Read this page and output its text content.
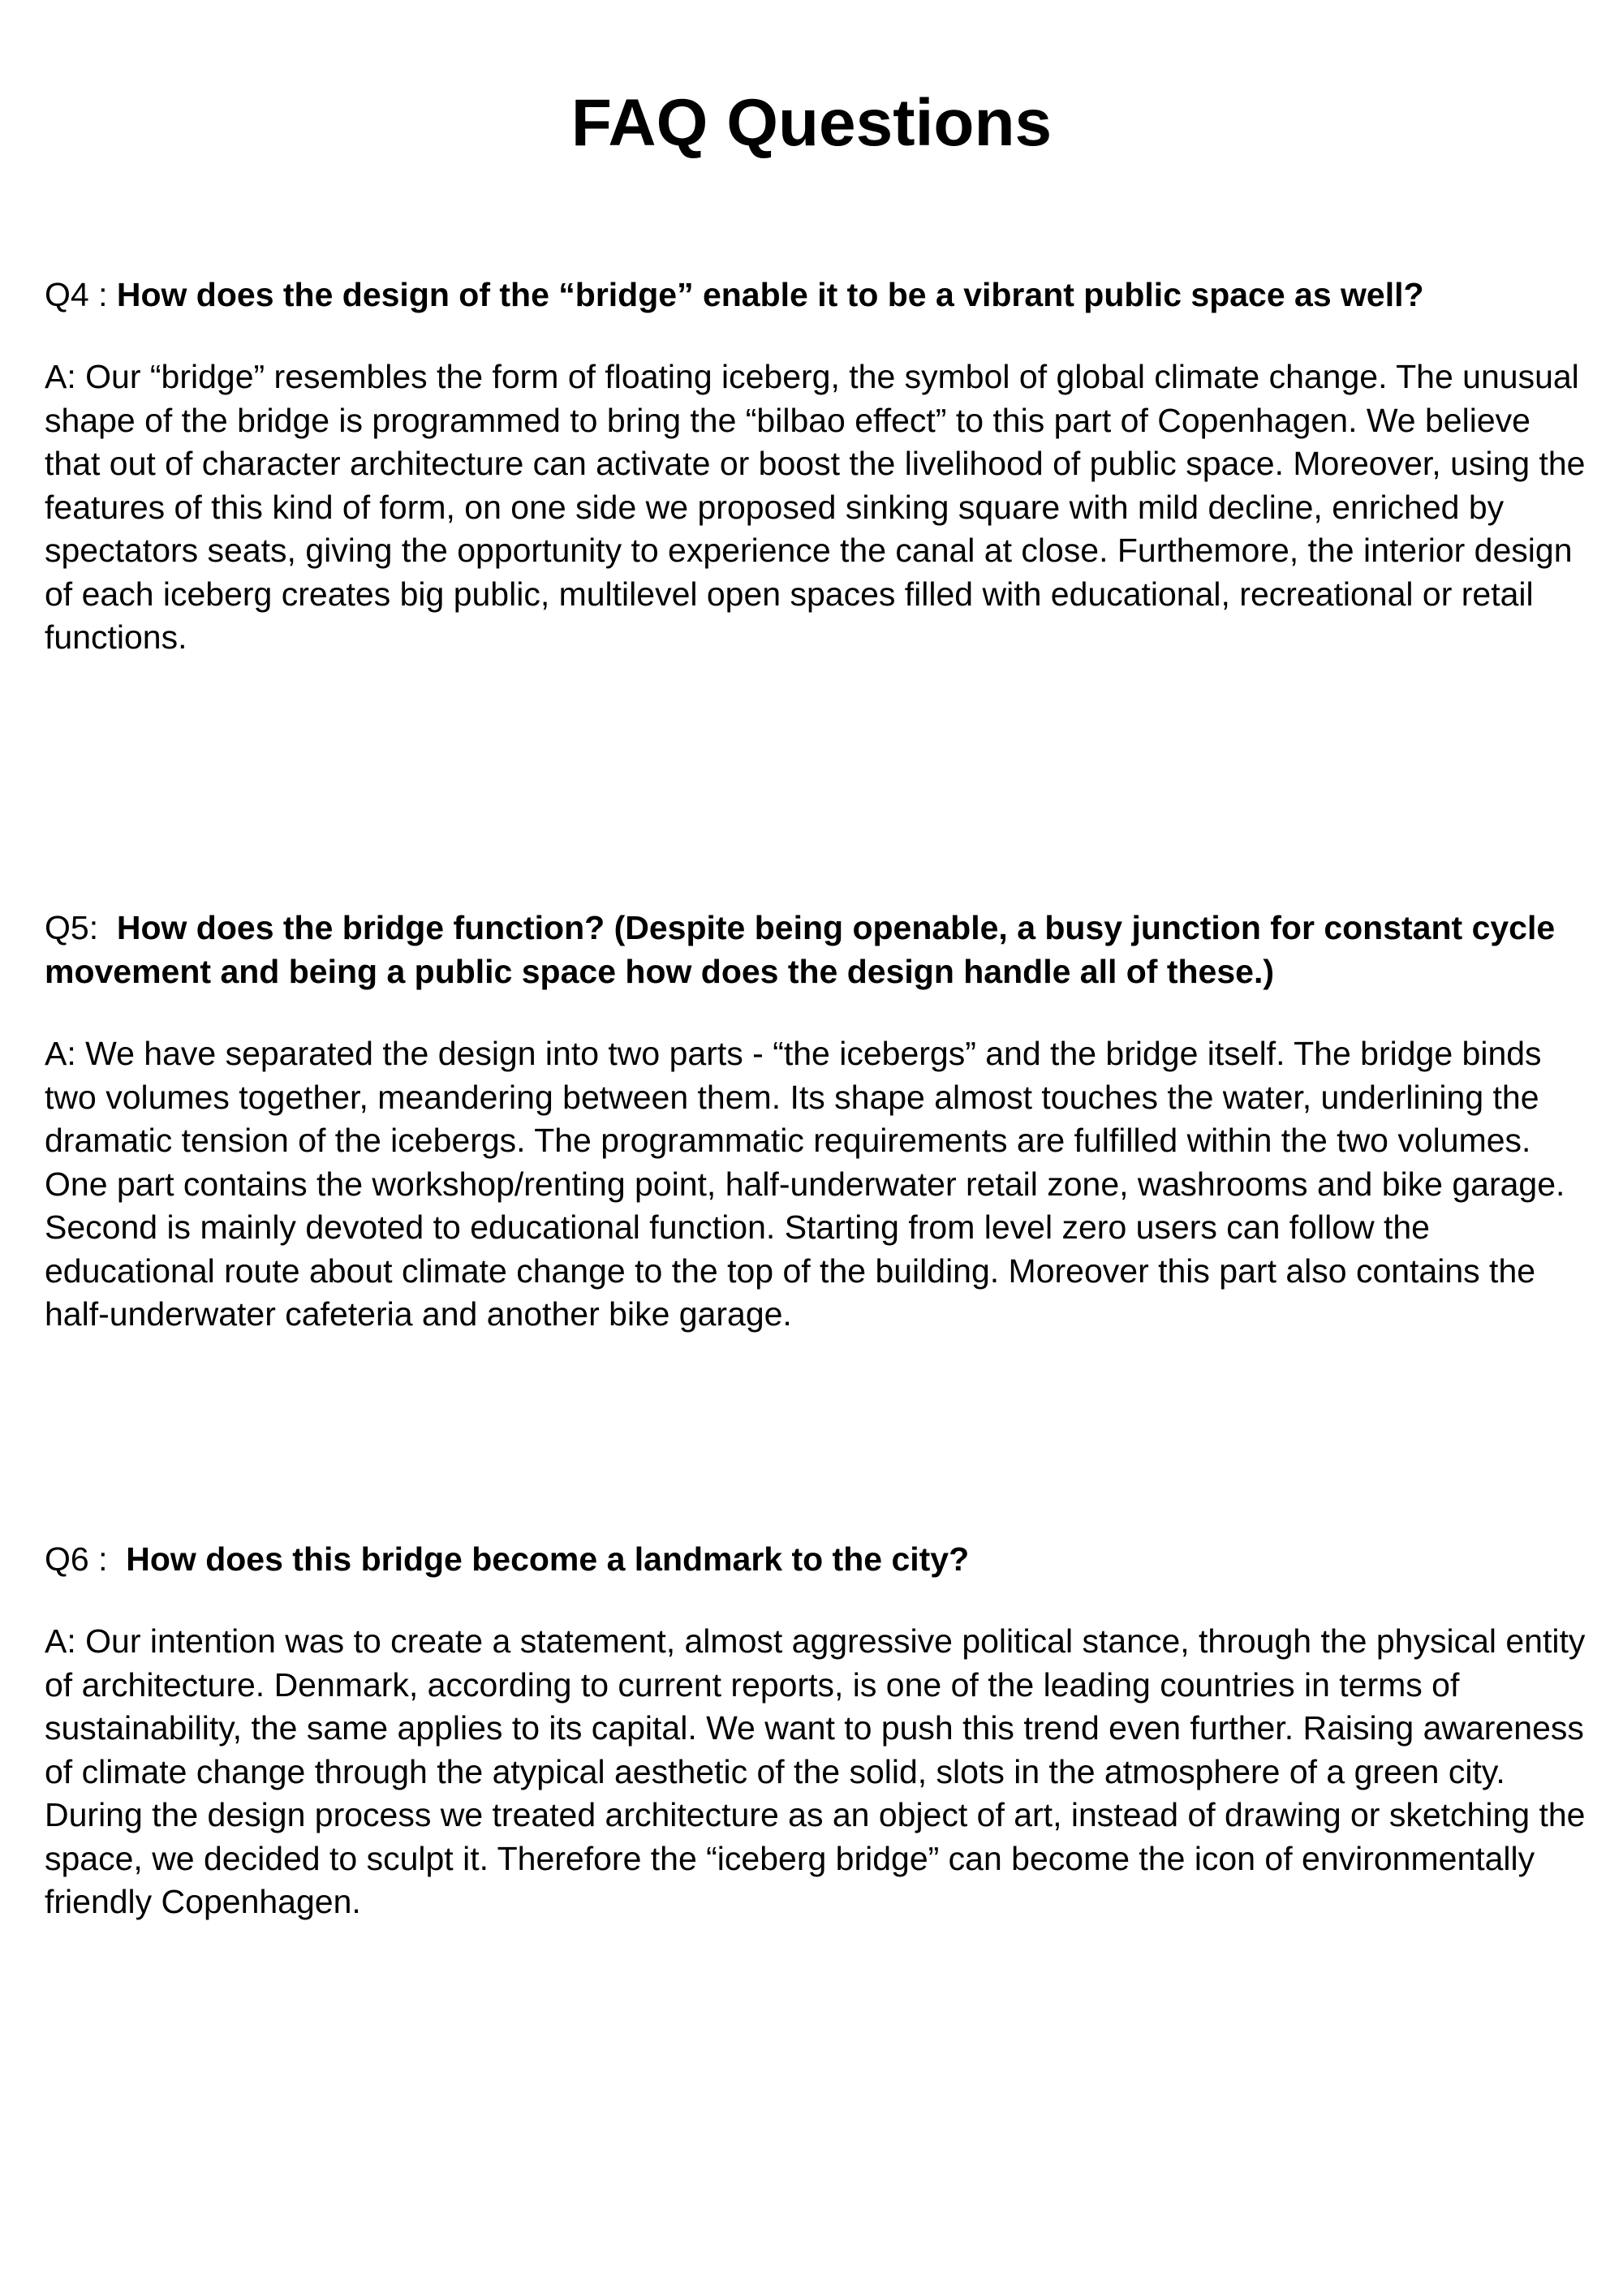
FAQ Questions

Q4 : How does the design of the “bridge” enable it to be a vibrant public space as well?

A: Our “bridge” resembles the form of floating iceberg, the symbol of global climate change. The unusual shape of the bridge is programmed to bring the “bilbao effect” to this part of Copenhagen. We believe that out of character architecture can activate or boost the livelihood of public space. Moreover, using the features of this kind of form, on one side we proposed sinking square with mild decline, enriched by spectators seats, giving the opportunity to experience the canal at close. Furthemore, the interior design of each iceberg creates big public, multilevel open spaces filled with educational, recreational or retail functions.

Q5:  How does the bridge function? (Despite being openable, a busy junction for constant cycle movement and being a public space how does the design handle all of these.)

A: We have separated the design into two parts - “the icebergs” and the bridge itself. The bridge binds two volumes together, meandering between them. Its shape almost touches the water, underlining the dramatic tension of the icebergs. The programmatic requirements are fulfilled within the two volumes. One part contains the workshop/renting point, half-underwater retail zone, washrooms and bike garage. Second is mainly devoted to educational function. Starting from level zero users can follow the educational route about climate change to the top of the building. Moreover this part also contains the half-underwater cafeteria and another bike garage.

Q6 :  How does this bridge become a landmark to the city?

A: Our intention was to create a statement, almost aggressive political stance, through the physical entity of architecture. Denmark, according to current reports, is one of the leading countries in terms of sustainability, the same applies to its capital. We want to push this trend even further. Raising awareness of climate change through the atypical aesthetic of the solid, slots in the atmosphere of a green city. During the design process we treated architecture as an object of art, instead of drawing or sketching the space, we decided to sculpt it. Therefore the “iceberg bridge” can become the icon of environmentally friendly Copenhagen.
